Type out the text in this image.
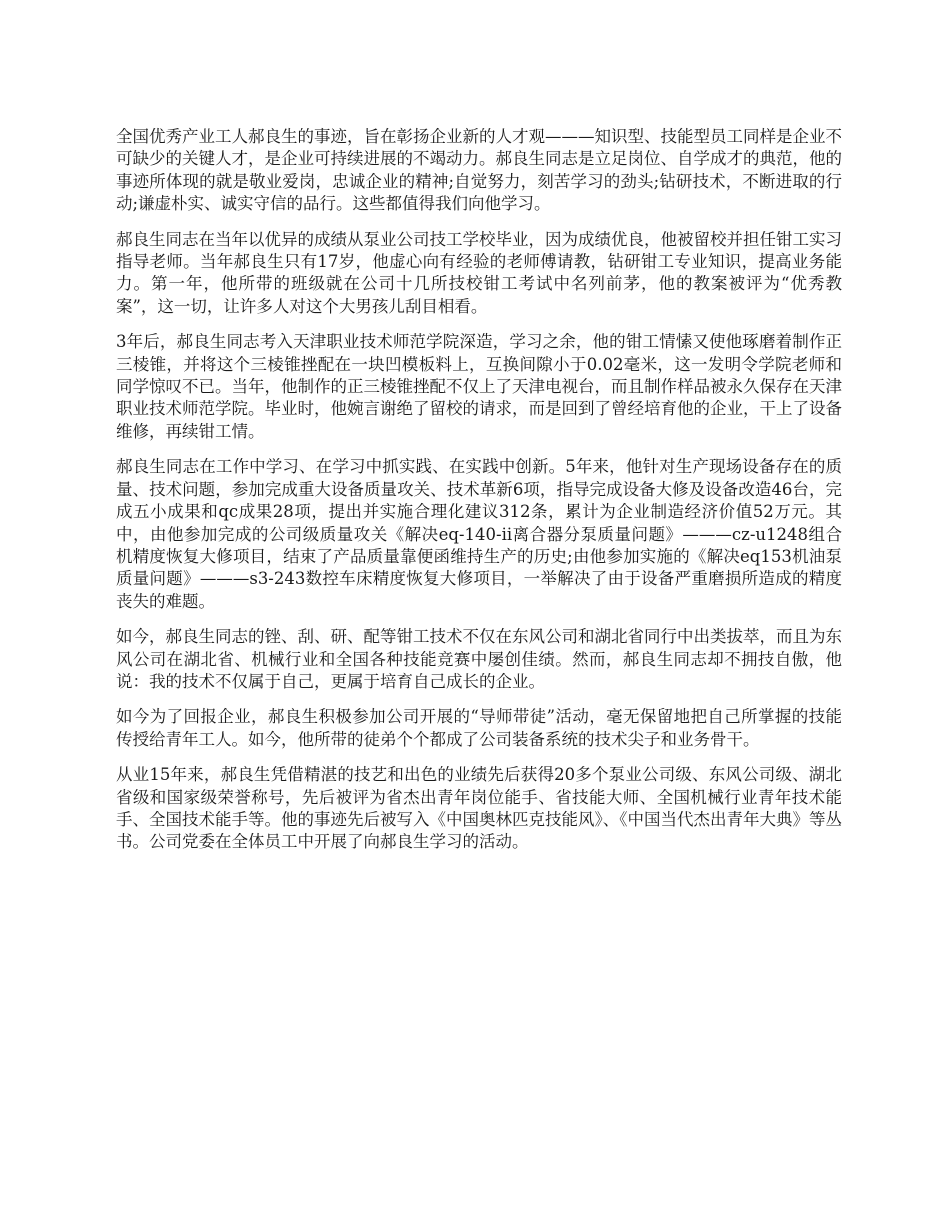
全国优秀产业工人郝良生的事迹，旨在彰扬企业新的人才观———知识型、技能型员工同样是企业不可缺少的关键人才，是企业可持续进展的不竭动力。郝良生同志是立足岗位、自学成才的典范，他的事迹所体现的就是敬业爱岗，忠诚企业的精神;自觉努力，刻苦学习的劲头;钻研技术，不断进取的行动;谦虚朴实、诚实守信的品行。这些都值得我们向他学习。

郝良生同志在当年以优异的成绩从泵业公司技工学校毕业，因为成绩优良，他被留校并担任钳工实习指导老师。当年郝良生只有17岁，他虚心向有经验的老师傅请教，钻研钳工专业知识，提高业务能力。第一年，他所带的班级就在公司十几所技校钳工考试中名列前茅，他的教案被评为“优秀教案”，这一切，让许多人对这个大男孩儿刮目相看。

3年后，郝良生同志考入天津职业技术师范学院深造，学习之余，他的钳工情愫又使他琢磨着制作正三棱锥，并将这个三棱锥挫配在一块凹模板料上，互换间隙小于0.02毫米，这一发明令学院老师和同学惊叹不已。当年，他制作的正三棱锥挫配不仅上了天津电视台，而且制作样品被永久保存在天津职业技术师范学院。毕业时，他婉言谢绝了留校的请求，而是回到了曾经培育他的企业，干上了设备维修，再续钳工情。

郝良生同志在工作中学习、在学习中抓实践、在实践中创新。5年来，他针对生产现场设备存在的质量、技术问题，参加完成重大设备质量攻关、技术革新6项，指导完成设备大修及设备改造46台，完成五小成果和qc成果28项，提出并实施合理化建议312条，累计为企业制造经济价值52万元。其中，由他参加完成的公司级质量攻关《解决eq-140-ii离合器分泵质量问题》———cz-u1248组合机精度恢复大修项目，结束了产品质量靠便函维持生产的历史;由他参加实施的《解决eq153机油泵质量问题》———s3-243数控车床精度恢复大修项目，一举解决了由于设备严重磨损所造成的精度丧失的难题。

如今，郝良生同志的锉、刮、研、配等钳工技术不仅在东风公司和湖北省同行中出类拔萃，而且为东风公司在湖北省、机械行业和全国各种技能竞赛中屡创佳绩。然而，郝良生同志却不拥技自傲，他说：我的技术不仅属于自己，更属于培育自己成长的企业。

如今为了回报企业，郝良生积极参加公司开展的“导师带徒”活动，毫无保留地把自己所掌握的技能传授给青年工人。如今，他所带的徒弟个个都成了公司装备系统的技术尖子和业务骨干。

从业15年来，郝良生凭借精湛的技艺和出色的业绩先后获得20多个泵业公司级、东风公司级、湖北省级和国家级荣誉称号，先后被评为省杰出青年岗位能手、省技能大师、全国机械行业青年技术能手、全国技术能手等。他的事迹先后被写入《中国奥林匹克技能风》、《中国当代杰出青年大典》等丛书。公司党委在全体员工中开展了向郝良生学习的活动。
